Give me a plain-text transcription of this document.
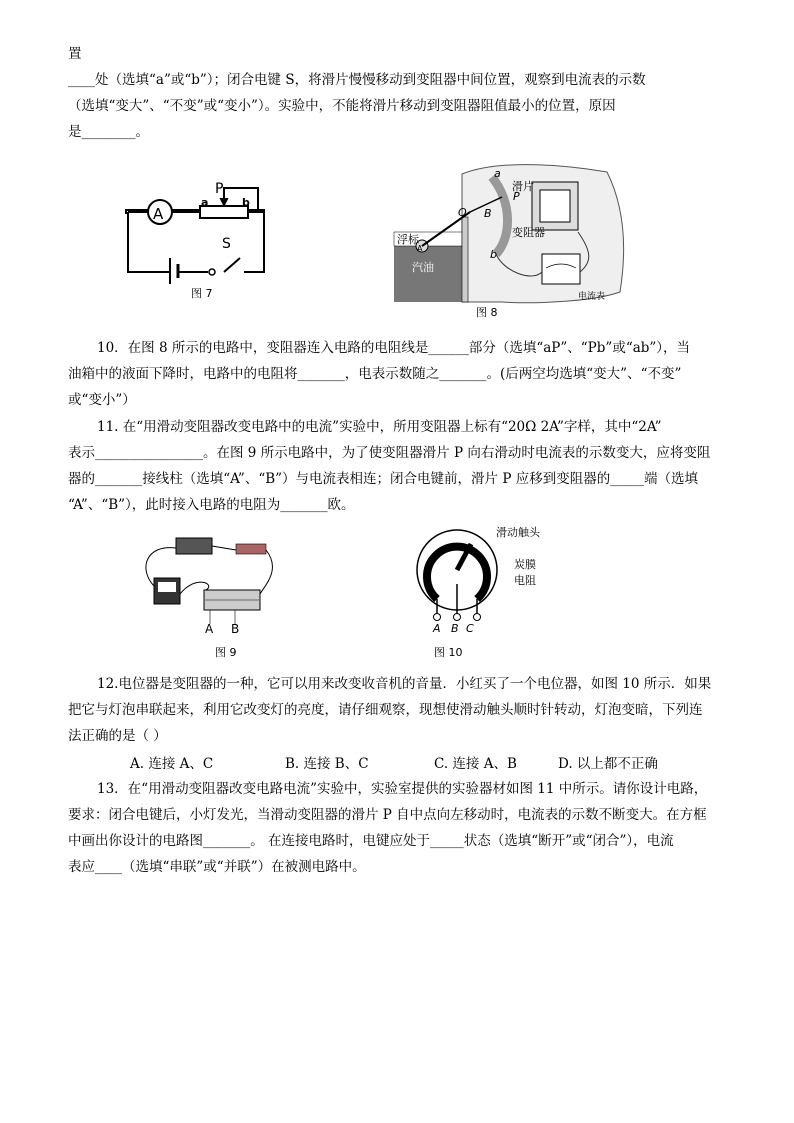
置
____处（选填“a”或“b”）；闭合电键 S，将滑片慢慢移动到变阻器中间位置，观察到电流表的示数
（选填“变大”、“不变”或“变小”）。实验中，不能将滑片移动到变阻器阻值最小的位置，原因
是________。
A
a	b
P
S
图 7
浮标
A
汽油
滑片
P
变阻器
电流表
a
b
O B
图 8
10．在图 8 所示的电路中，变阻器连入电路的电阻线是______部分（选填“aP”、“Pb”或“ab”），当
油箱中的液面下降时，电路中的电阻将_______，电表示数随之_______。(后两空均选填“变大”、“不变”
或“变小”）
11. 在“用滑动变阻器改变电路中的电流”实验中，所用变阻器上标有“20Ω 2A”字样，其中“2A”
表示________________。在图 9 所示电路中，为了使变阻器滑片 P 向右滑动时电流表的示数变大，应将变阻
器的_______接线柱（选填“A”、“B”）与电流表相连；闭合电键前，滑片 P 应移到变阻器的_____端（选填
“A”、“B”），此时接入电路的电阻为_______欧。
A B
图 9
滑动触头
炭膜
电阻
A B C
图 10
12.电位器是变阻器的一种，它可以用来改变收音机的音量．小红买了一个电位器，如图 10 所示．如果
把它与灯泡串联起来，利用它改变灯的亮度，请仔细观察，现想使滑动触头顺时针转动，灯泡变暗，下列连
法正确的是（ ）
A. 连接 A、C	B. 连接 B、C	C. 连接 A、B	D. 以上都不正确
13．在“用滑动变阻器改变电路电流”实验中，实验室提供的实验器材如图 11 中所示。请你设计电路，
要求：闭合电键后，小灯发光，当滑动变阻器的滑片 P 自中点向左移动时，电流表的示数不断变大。在方框
中画出你设计的电路图_______。 在连接电路时，电键应处于_____状态（选填“断开”或“闭合”），电流
表应____（选填“串联”或“并联”）在被测电路中。
